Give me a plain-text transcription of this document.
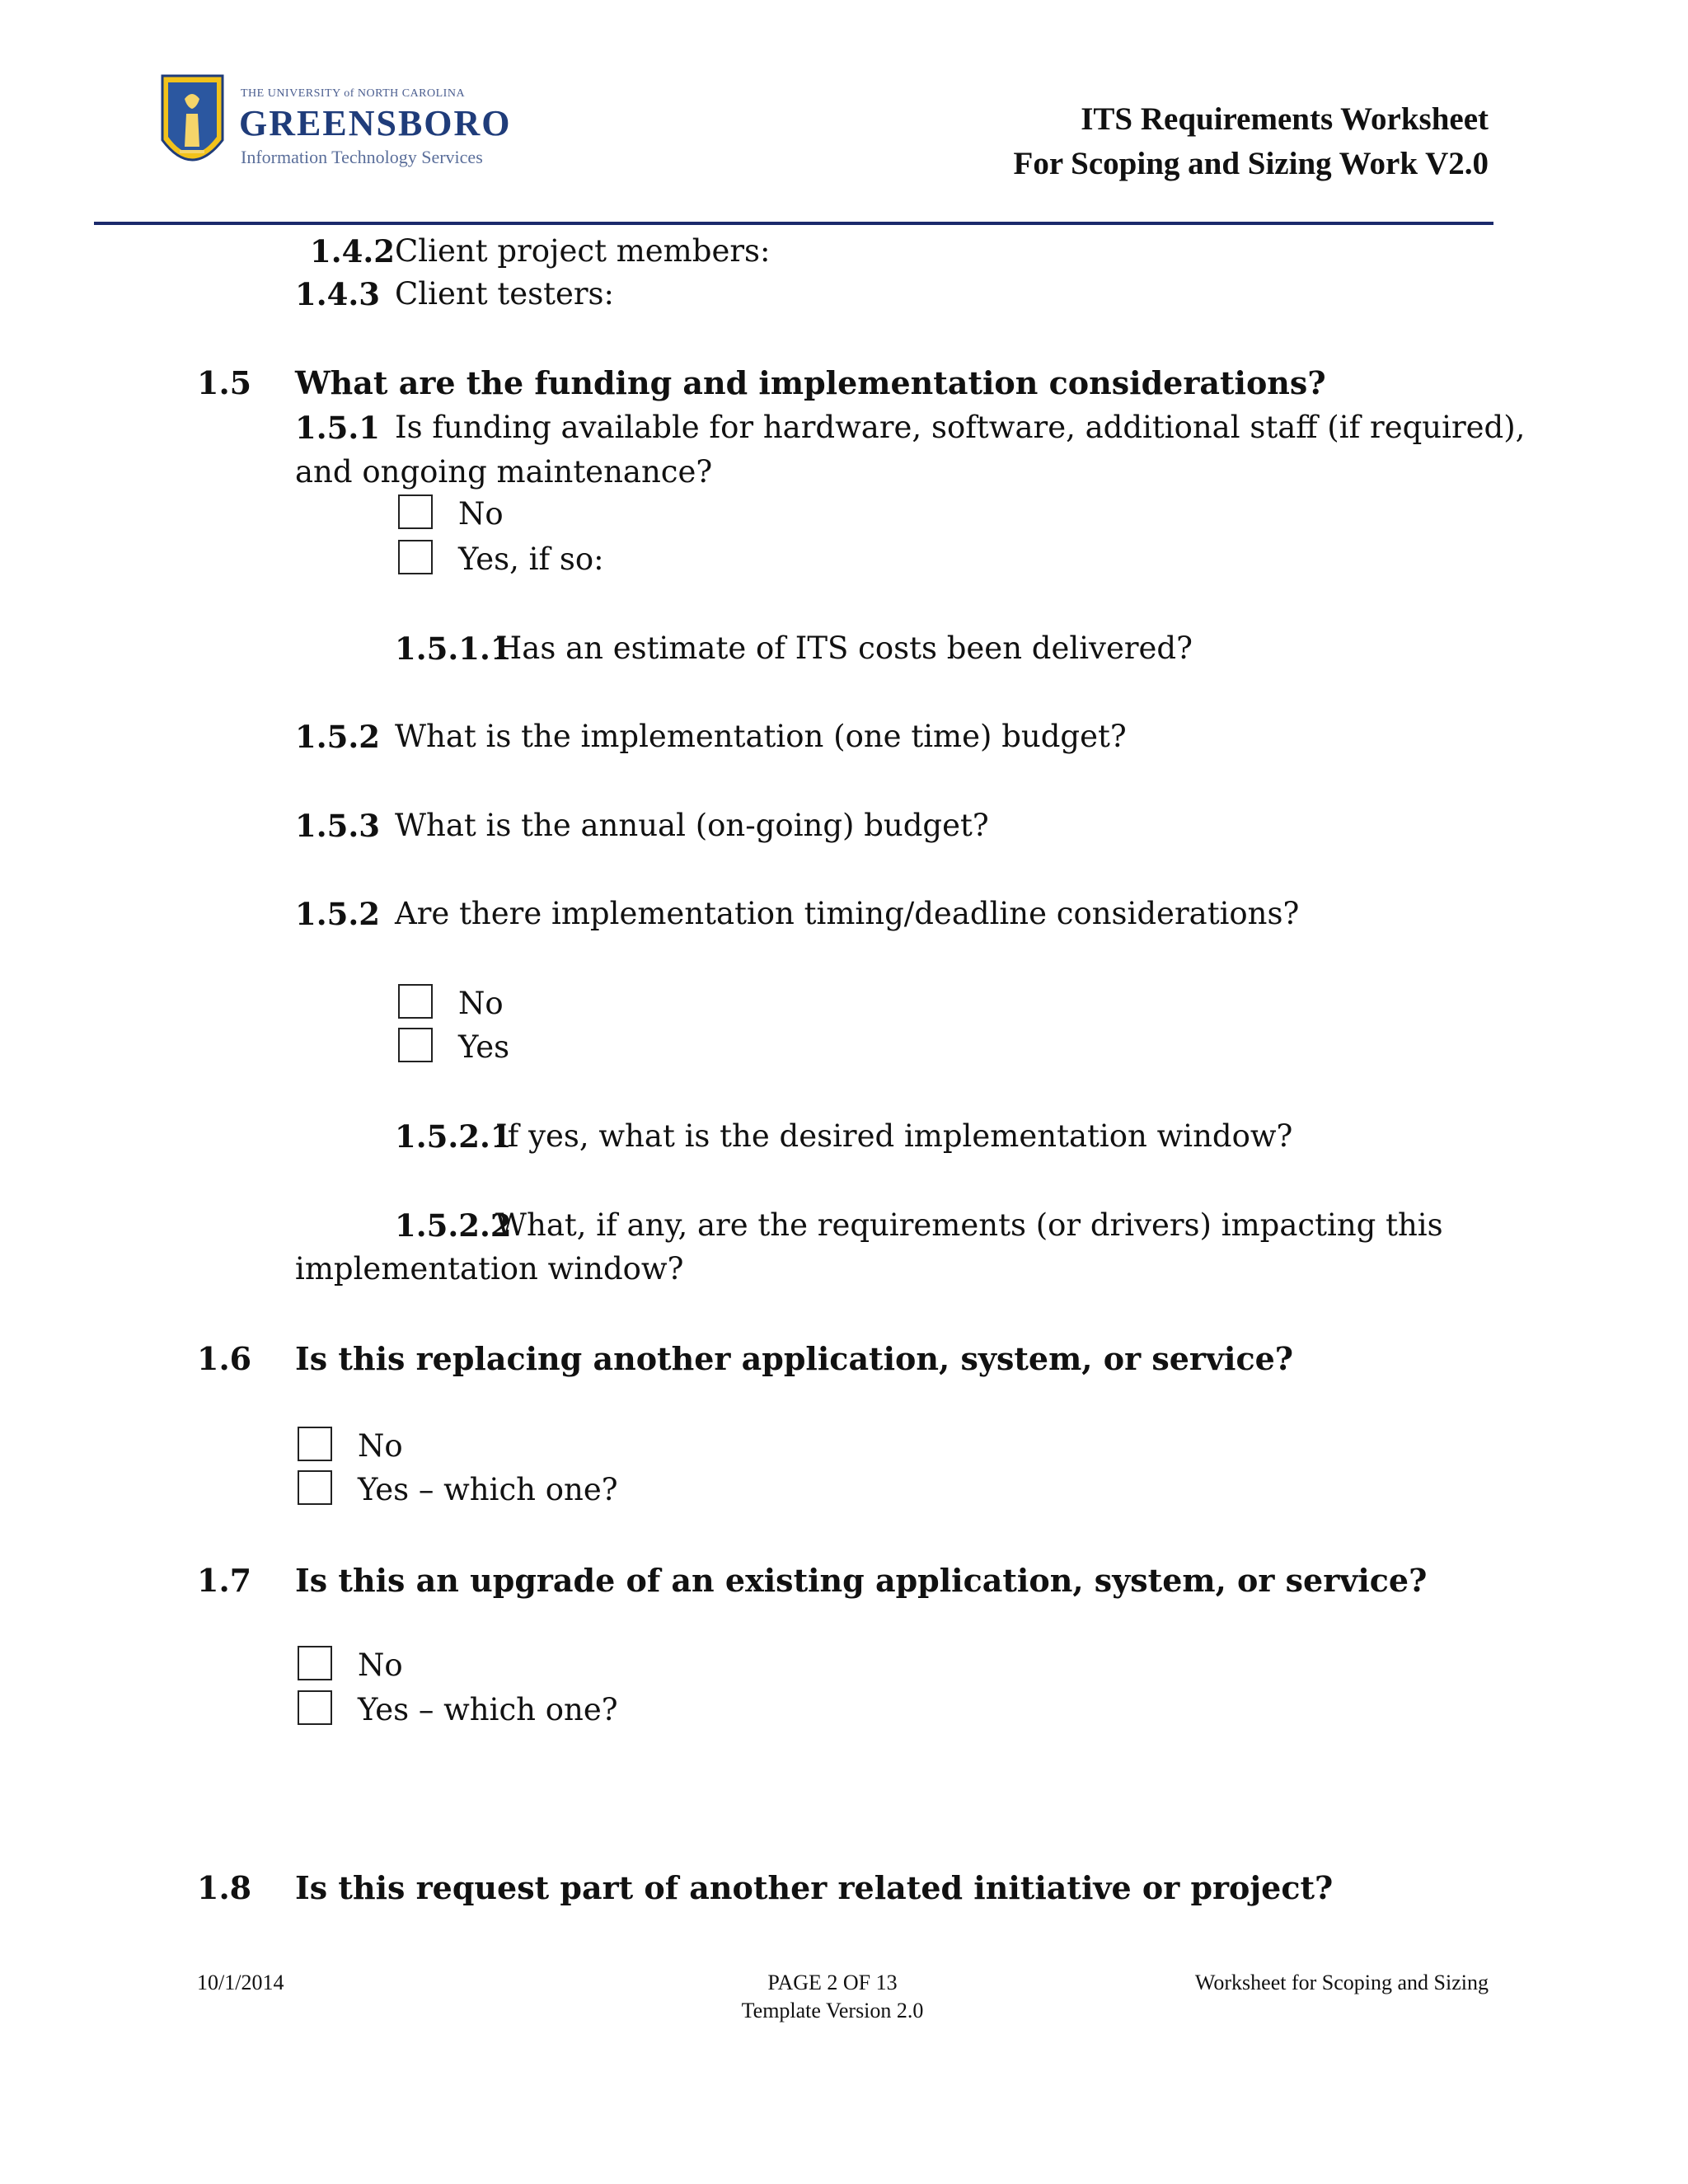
THE UNIVERSITY of NORTH CAROLINA
GREENSBORO
Information Technology Services
ITS Requirements Worksheet
For Scoping and Sizing Work V2.0
1.4.2 Client project members:
1.4.3 Client testers:
1.5 What are the funding and implementation considerations?
1.5.1 Is funding available for hardware, software, additional staff (if required),
and ongoing maintenance?
No
Yes, if so:
1.5.1.1
Has an estimate of ITS costs been delivered?
1.5.2 What is the implementation (one time) budget?
1.5.3 What is the annual (on-going) budget?
1.5.2 Are there implementation timing/deadline considerations?
No
Yes
1.5.2.1
If yes, what is the desired implementation window?
1.5.2.2
What, if any, are the requirements (or drivers) impacting this
implementation window?
1.6 Is this replacing another application, system, or service?
No
Yes – which one?
1.7 Is this an upgrade of an existing application, system, or service?
No
Yes – which one?
1.8 Is this request part of another related initiative or project?
10/1/2014	PAGE 2 OF 13
Template Version 2.0
Worksheet for Scoping and Sizing
